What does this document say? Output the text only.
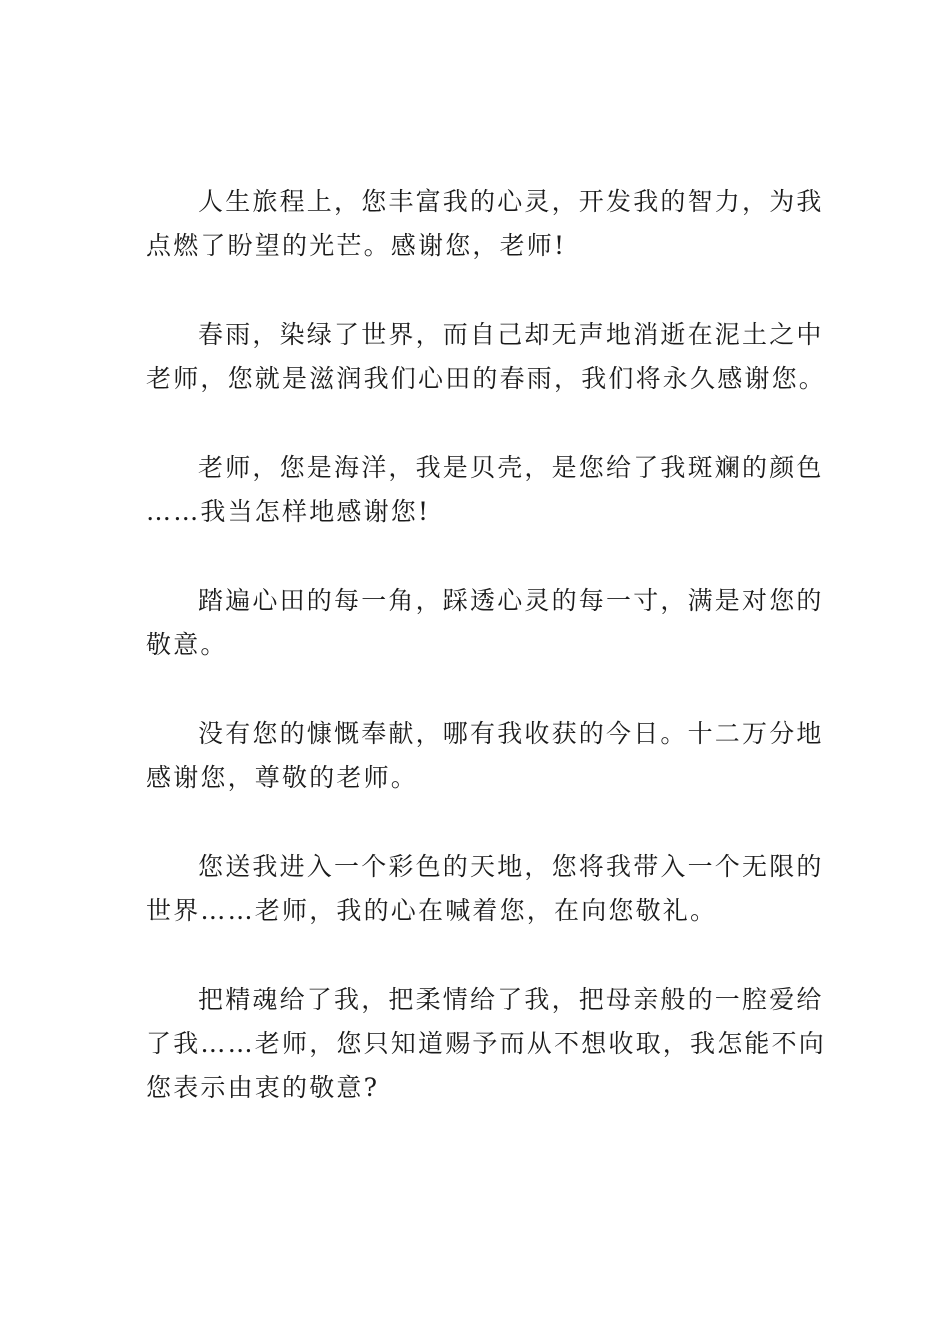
人生旅程上，您丰富我的心灵，开发我的智力，为我
点燃了盼望的光芒。感谢您，老师!

春雨，染绿了世界，而自己却无声地消逝在泥土之中
老师，您就是滋润我们心田的春雨，我们将永久感谢您。

老师，您是海洋，我是贝壳，是您给了我斑斓的颜色
……我当怎样地感谢您!

踏遍心田的每一角，踩透心灵的每一寸，满是对您的
敬意。

没有您的慷慨奉献，哪有我收获的今日。十二万分地
感谢您，尊敬的老师。

您送我进入一个彩色的天地，您将我带入一个无限的
世界……老师，我的心在喊着您，在向您敬礼。

把精魂给了我，把柔情给了我，把母亲般的一腔爱给
了我……老师，您只知道赐予而从不想收取，我怎能不向
您表示由衷的敬意?
